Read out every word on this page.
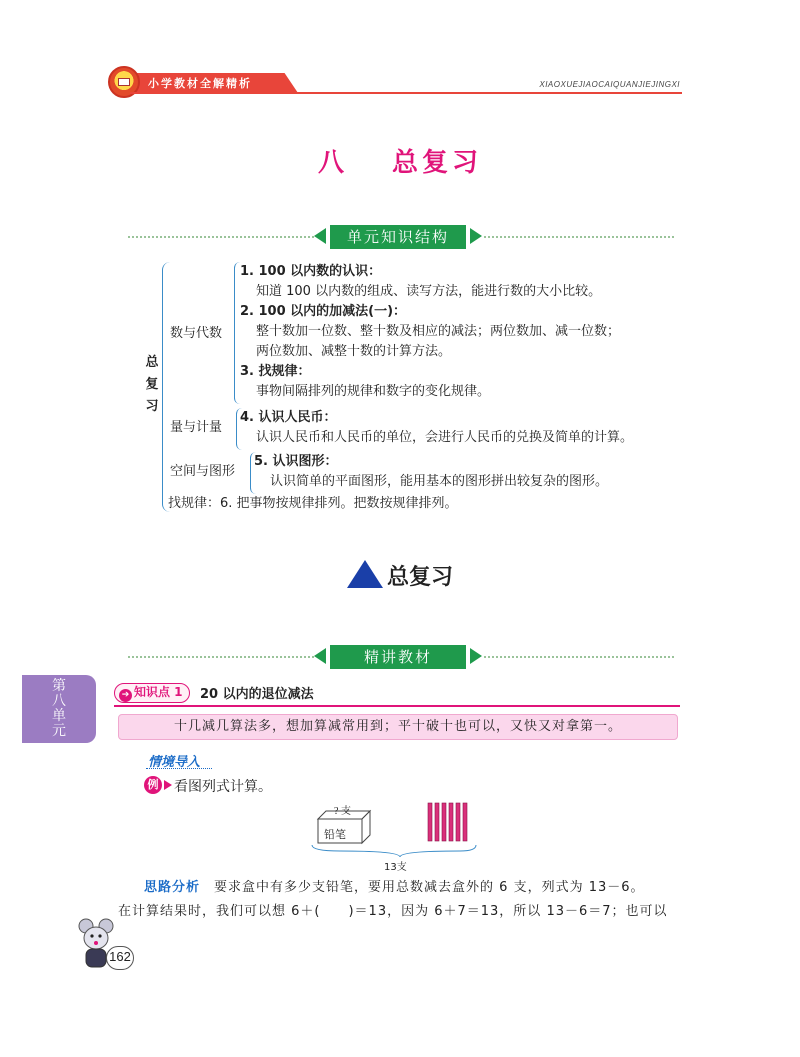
小学教材全解精析	XIAOXUEJIAOCAIQUANJIEJINGXI
八 总复习
单元知识结构
总复习
数与代数
1. 100 以内数的认识：
知道 100 以内数的组成、读写方法，能进行数的大小比较。
2. 100 以内的加减法(一)：
整十数加一位数、整十数及相应的减法；两位数加、减一位数；
两位数加、减整十数的计算方法。
3. 找规律：
事物间隔排列的规律和数字的变化规律。
量与计量
4. 认识人民币：
认识人民币和人民币的单位，会进行人民币的兑换及简单的计算。
空间与图形
5. 认识图形：
认识简单的平面图形，能用基本的图形拼出较复杂的图形。
找规律：6. 把事物按规律排列。把数按规律排列。
总复习
精讲教材
第八单元
➔ 知识点 1	20 以内的退位减法
十几减几算法多，想加算减常用到；平十破十也可以，又快又对拿第一。
情境导入
例 看图列式计算。
? 支
铅笔
13支
思路分析　 要求盒中有多少支铅笔，要用总数减去盒外的 6 支，列式为 13－6。
在计算结果时，我们可以想 6＋(　　)＝13，因为 6＋7＝13，所以 13－6＝7；也可以
162
